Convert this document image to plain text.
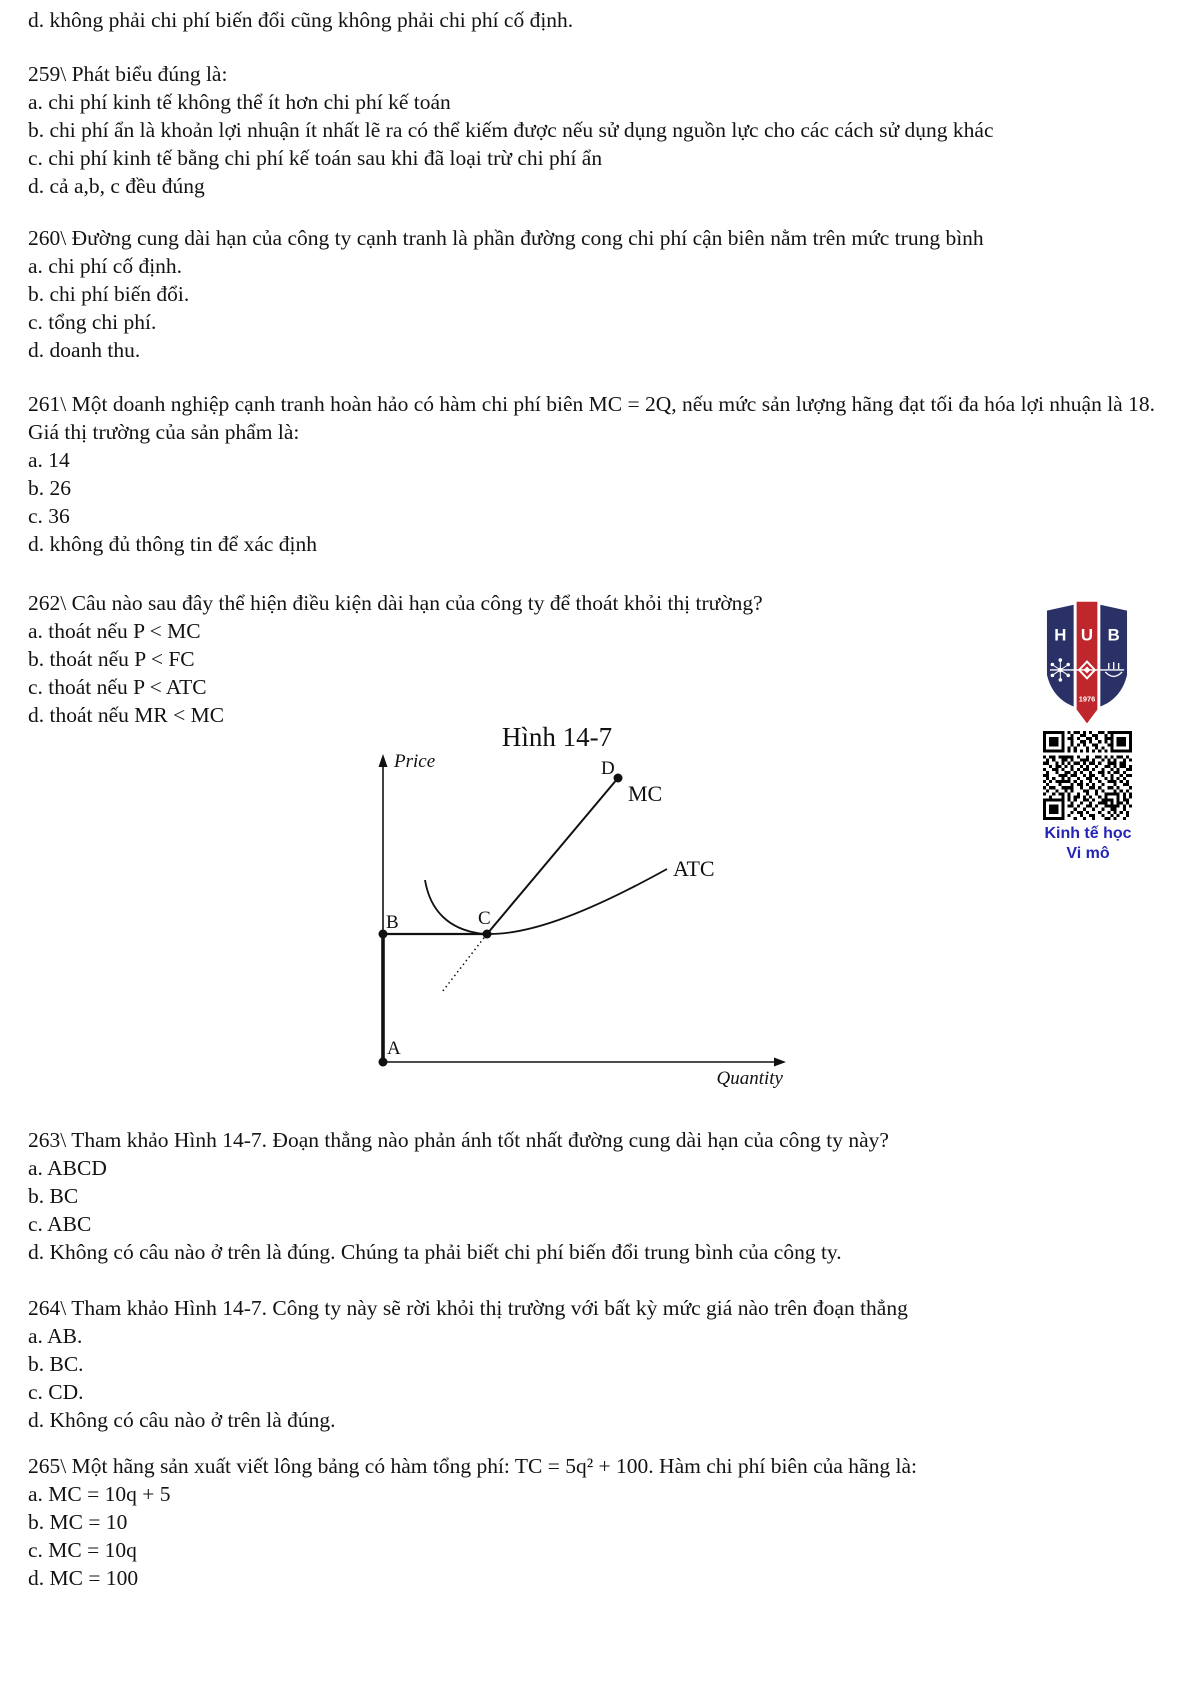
d. không phải chi phí biến đổi cũng không phải chi phí cố định.
259\ Phát biểu đúng là:
a. chi phí kinh tế không thể ít hơn chi phí kế toán
b. chi phí ẩn là khoản lợi nhuận ít nhất lẽ ra có thể kiếm được nếu sử dụng nguồn lực cho các cách sử dụng khác
c. chi phí kinh tế bằng chi phí kế toán sau khi đã loại trừ chi phí ẩn
d. cả a,b, c đều đúng
260\ Đường cung dài hạn của công ty cạnh tranh là phần đường cong chi phí cận biên nằm trên mức trung bình
a. chi phí cố định.
b. chi phí biến đổi.
c. tổng chi phí.
d. doanh thu.
261\ Một doanh nghiệp cạnh tranh hoàn hảo có hàm chi phí biên MC = 2Q, nếu mức sản lượng hãng đạt tối đa hóa lợi nhuận là 18. Giá thị trường của sản phẩm là:
a. 14
b. 26
c. 36
d. không đủ thông tin để xác định
262\ Câu nào sau đây thể hiện điều kiện dài hạn của công ty để thoát khỏi thị trường?
a. thoát nếu P < MC
b. thoát nếu P < FC
c. thoát nếu P < ATC
d. thoát nếu MR < MC
Hình 14-7
Price
Quantity
ATC
MC
D
B	C
A
H U B
1976
Kinh tế học
Vi mô
263\ Tham khảo Hình 14-7. Đoạn thẳng nào phản ánh tốt nhất đường cung dài hạn của công ty này?
a. ABCD
b. BC
c. ABC
d. Không có câu nào ở trên là đúng. Chúng ta phải biết chi phí biến đổi trung bình của công ty.
264\ Tham khảo Hình 14-7. Công ty này sẽ rời khỏi thị trường với bất kỳ mức giá nào trên đoạn thẳng
a. AB.
b. BC.
c. CD.
d. Không có câu nào ở trên là đúng.
265\ Một hãng sản xuất viết lông bảng có hàm tổng phí: TC = 5q² + 100. Hàm chi phí biên của hãng là:
a. MC = 10q + 5
b. MC = 10
c. MC = 10q
d. MC = 100
